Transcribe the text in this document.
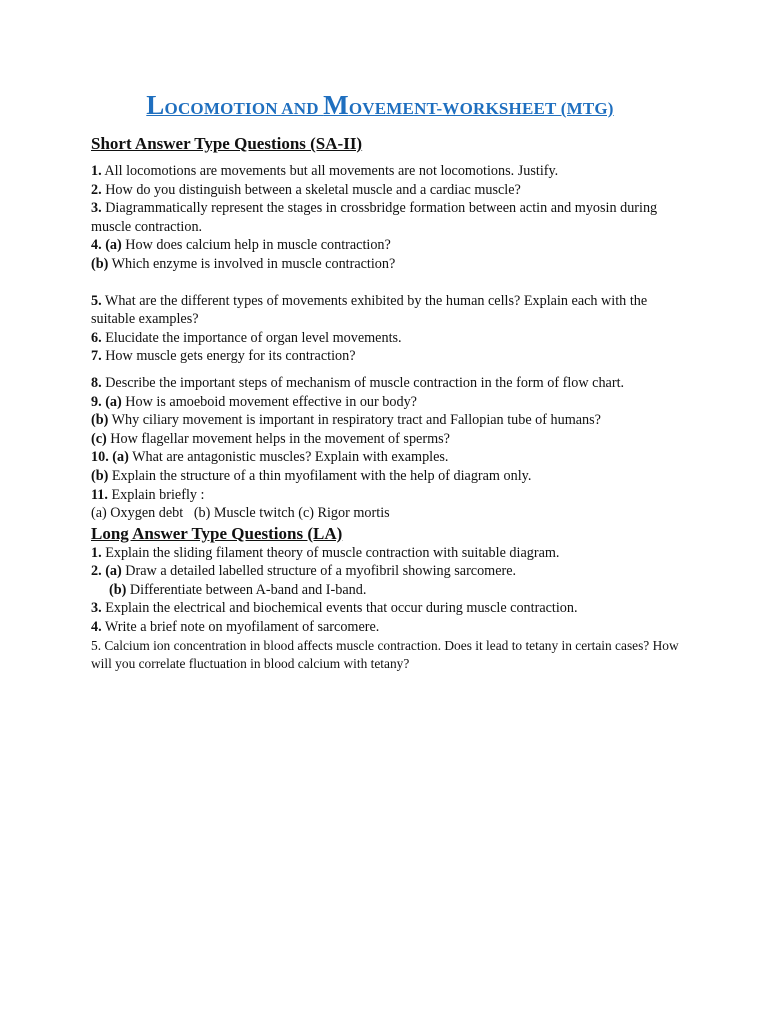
LOCOMOTION AND MOVEMENT-WORKSHEET (MTG)
Short Answer Type Questions (SA-II)
1. All locomotions are movements but all movements are not locomotions. Justify.
2. How do you distinguish between a skeletal muscle and a cardiac muscle?
3. Diagrammatically represent the stages in crossbridge formation between actin and myosin during muscle contraction.
4. (a) How does calcium help in muscle contraction?
(b) Which enzyme is involved in muscle contraction?
5. What are the different types of movements exhibited by the human cells? Explain each with the suitable examples?
6. Elucidate the importance of organ level movements.
7. How muscle gets energy for its contraction?
8. Describe the important steps of mechanism of muscle contraction in the form of flow chart.
9. (a) How is amoeboid movement effective in our body?
(b) Why ciliary movement is important in respiratory tract and Fallopian tube of humans?
(c) How flagellar movement helps in the movement of sperms?
10. (a) What are antagonistic muscles? Explain with examples.
(b) Explain the structure of a thin myofilament with the help of diagram only.
11. Explain briefly :
(a) Oxygen debt   (b) Muscle twitch (c) Rigor mortis
Long Answer Type Questions (LA)
1. Explain the sliding filament theory of muscle contraction with suitable diagram.
2. (a) Draw a detailed labelled structure of a myofibril showing sarcomere.
(b) Differentiate between A-band and I-band.
3. Explain the electrical and biochemical events that occur during muscle contraction.
4. Write a brief note on myofilament of sarcomere.
5. Calcium ion concentration in blood affects muscle contraction. Does it lead to tetany in certain cases? How will you correlate fluctuation in blood calcium with tetany?
